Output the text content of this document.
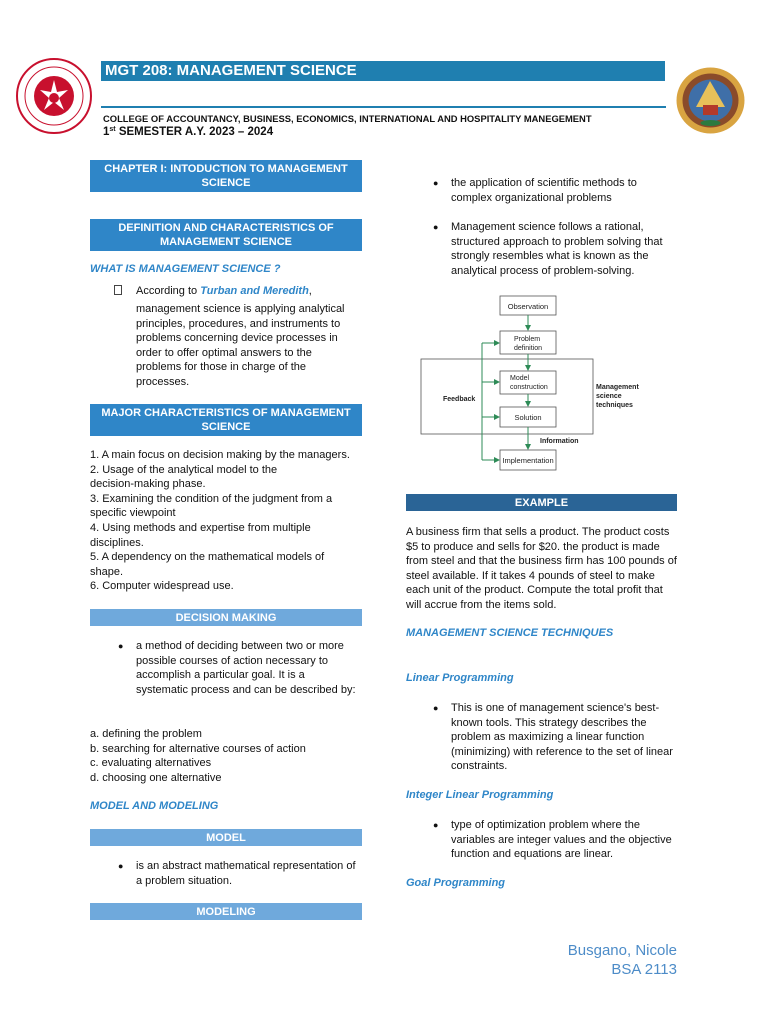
MGT 208: MANAGEMENT SCIENCE
COLLEGE OF ACCOUNTANCY, BUSINESS, ECONOMICS, INTERNATIONAL AND HOSPITALITY MANEGEMENT
1st SEMESTER A.Y. 2023 – 2024
CHAPTER I: INTODUCTION TO MANAGEMENT SCIENCE
DEFINITION AND CHARACTERISTICS OF MANAGEMENT SCIENCE
WHAT IS MANAGEMENT SCIENCE ?
According to Turban and Meredith,
management science is applying analytical principles, procedures, and instruments to problems concerning device processes in order to offer optimal answers to the problems for those in charge of the processes.
MAJOR CHARACTERISTICS OF MANAGEMENT SCIENCE
1. A main focus on decision making by the managers.
2. Usage of the analytical model to the
decision-making phase.
3. Examining the condition of the judgment from a
specific viewpoint
4. Using methods and expertise from multiple
disciplines.
5. A dependency on the mathematical models of
shape.
6. Computer widespread use.
DECISION MAKING
● a method of deciding between two or more possible courses of action necessary to accomplish a particular goal. It is a systematic process and can be described by:
a. defining the problem
b. searching for alternative courses of action
c. evaluating alternatives
d. choosing one alternative
MODEL AND MODELING
MODEL
● is an abstract mathematical representation of a problem situation.
MODELING
● the application of scientific methods to complex organizational problems
● Management science follows a rational, structured approach to problem solving that strongly resembles what is known as the analytical process of problem-solving.
Observation
Problem
definition
Model
construction
Solution
Implementation
Feedback
Information
Management
science
techniques
EXAMPLE
A business firm that sells a product. The product costs $5 to produce and sells for $20. the product is made from steel and that the business firm has 100 pounds of steel available. If it takes 4 pounds of steel to make each unit of the product. Compute the total profit that will accrue from the items sold.
MANAGEMENT SCIENCE TECHNIQUES
Linear Programming
● This is one of management science's best-known tools. This strategy describes the problem as maximizing a linear function (minimizing) with reference to the set of linear constraints.
Integer Linear Programming
● type of optimization problem where the variables are integer values and the objective function and equations are linear.
Goal Programming
Busgano, Nicole
BSA 2113
